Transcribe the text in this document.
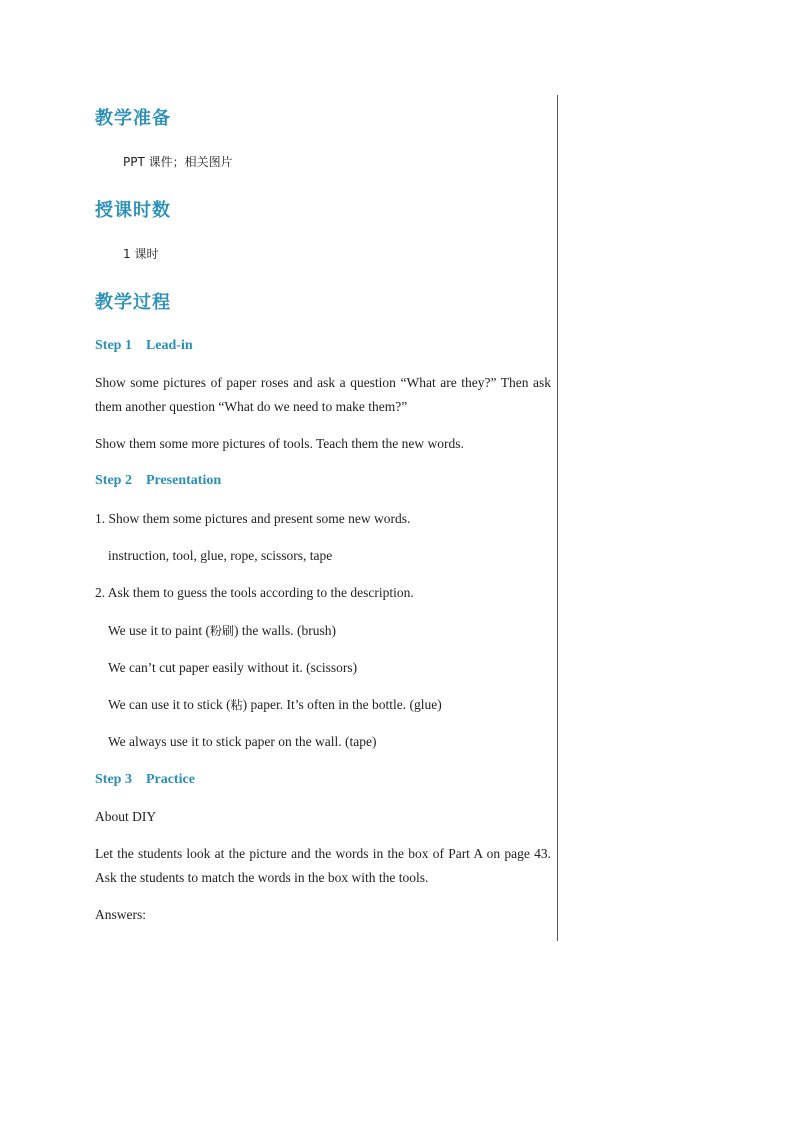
教学准备
PPT 课件；相关图片
授课时数
1 课时
教学过程
Step 1 Lead-in
Show some pictures of paper roses and ask a question “What are they?” Then ask them another question “What do we need to make them?”
Show them some more pictures of tools. Teach them the new words.
Step 2 Presentation
1. Show them some pictures and present some new words.
instruction, tool, glue, rope, scissors, tape
2. Ask them to guess the tools according to the description.
We use it to paint (粉刷) the walls. (brush)
We can’t cut paper easily without it. (scissors)
We can use it to stick (粘) paper. It’s often in the bottle. (glue)
We always use it to stick paper on the wall. (tape)
Step 3 Practice
About DIY
Let the students look at the picture and the words in the box of Part A on page 43. Ask the students to match the words in the box with the tools.
Answers:
